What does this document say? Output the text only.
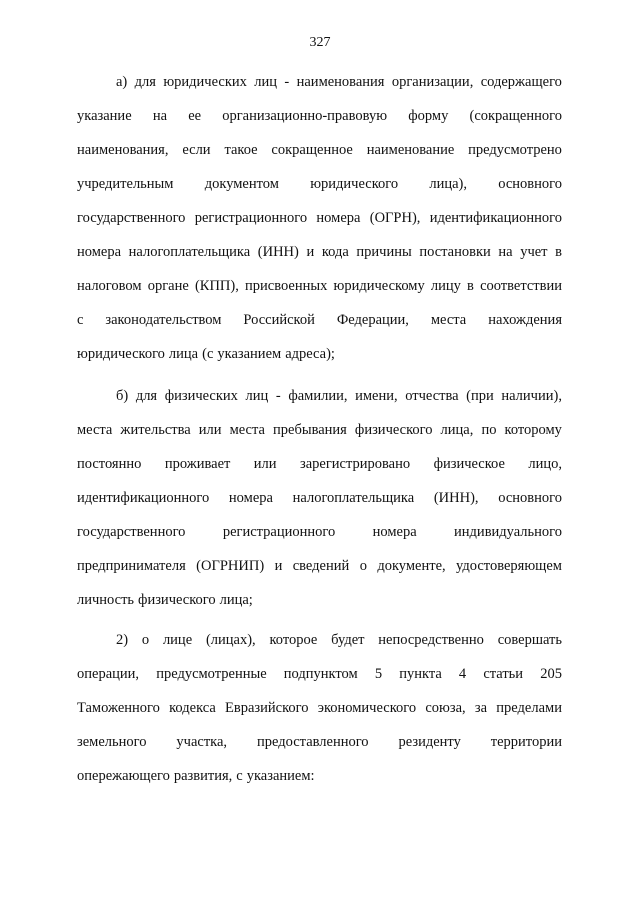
327
а) для юридических лиц - наименования организации, содержащего
указание на ее организационно-правовую форму (сокращенного
наименования, если такое сокращенное наименование предусмотрено
учредительным документом юридического лица), основного
государственного регистрационного номера (ОГРН), идентификационного
номера налогоплательщика (ИНН) и кода причины постановки на учет в
налоговом органе (КПП), присвоенных юридическому лицу в соответствии
с законодательством Российской Федерации, места нахождения
юридического лица (с указанием адреса);
б) для физических лиц - фамилии, имени, отчества (при наличии),
места жительства или места пребывания физического лица, по которому
постоянно проживает или зарегистрировано физическое лицо,
идентификационного номера налогоплательщика (ИНН), основного
государственного	регистрационного	номера	индивидуального
предпринимателя (ОГРНИП) и сведений о документе, удостоверяющем
личность физического лица;
2) о лице (лицах), которое будет непосредственно совершать
операции, предусмотренные подпунктом 5 пункта 4 статьи 205
Таможенного кодекса Евразийского экономического союза, за пределами
земельного участка, предоставленного резиденту территории
опережающего развития, с указанием:
